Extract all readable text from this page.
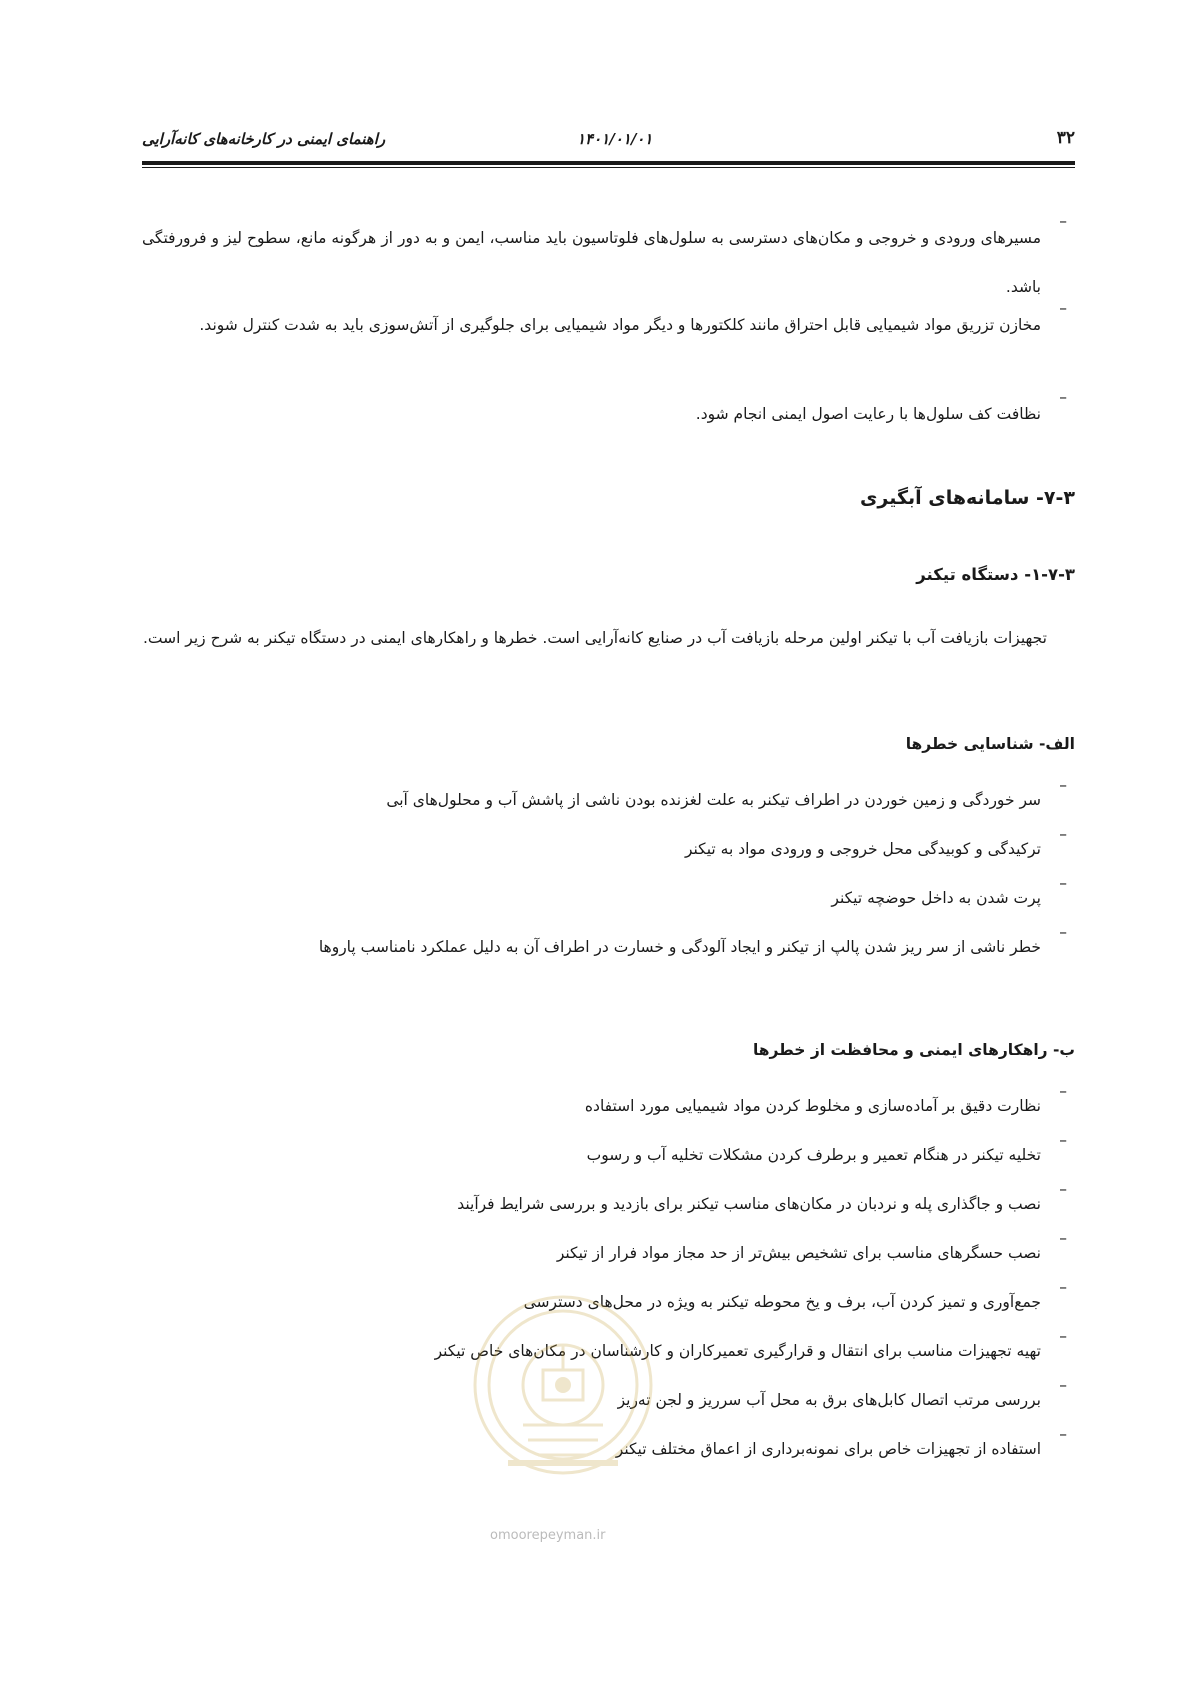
راهنمای ایمنی در کارخانه‌های کانه‌آرایی	۱۴۰۱/۰۱/۰۱	۳۲
–

مسیرهای ورودی و خروجی و مکان‌های دسترسی به سلول‌های فلوتاسیون باید مناسب، ایمن و به دور از هرگونه مانع، سطوح لیز و فرورفتگی باشد.

–

مخازن تزریق مواد شیمیایی قابل احتراق مانند کلکتورها و دیگر مواد شیمیایی برای جلوگیری از آتش‌سوزی باید به شدت کنترل شوند.

–

نظافت کف سلول‌ها با رعایت اصول ایمنی انجام شود.

۷-۳- سامانه‌های آبگیری
۱-۷-۳- دستگاه تیکنر

تجهیزات بازیافت آب با تیکنر اولین مرحله بازیافت آب در صنایع کانه‌آرایی است. خطرها و راهکارهای ایمنی در دستگاه تیکنر به شرح زیر است.

الف- شناسایی خطرها
–

سر خوردگی و زمین خوردن در اطراف تیکنر به علت لغزنده بودن ناشی از پاشش آب و محلول‌های آبی

–

ترکیدگی و کوبیدگی محل خروجی و ورودی مواد به تیکنر

–

پرت شدن به داخل حوضچه تیکنر

–

خطر ناشی از سر ریز شدن پالپ از تیکنر و ایجاد آلودگی و خسارت در اطراف آن به دلیل عملکرد نامناسب پاروها

ب- راهکارهای ایمنی و محافظت از خطرها
–

نظارت دقیق بر آماده‌سازی و مخلوط کردن مواد شیمیایی مورد استفاده

–

تخلیه تیکنر در هنگام تعمیر و برطرف کردن مشکلات تخلیه آب و رسوب

–

نصب و جاگذاری پله و نردبان در مکان‌های مناسب تیکنر برای بازدید و بررسی شرایط فرآیند

–

نصب حسگرهای مناسب برای تشخیص بیش‌تر از حد مجاز مواد فرار از تیکنر

–

جمع‌آوری و تمیز کردن آب، برف و یخ محوطه تیکنر به ویژه در محل‌های دسترسی

–

تهیه تجهیزات مناسب برای انتقال و قرارگیری تعمیرکاران و کارشناسان در مکان‌های خاص تیکنر

–

بررسی مرتب اتصال کابل‌های برق به محل آب سرریز و لجن ته‌ریز

–

استفاده از تجهیزات خاص برای نمونه‌برداری از اعماق مختلف تیکنر

omoorepeyman.ir
